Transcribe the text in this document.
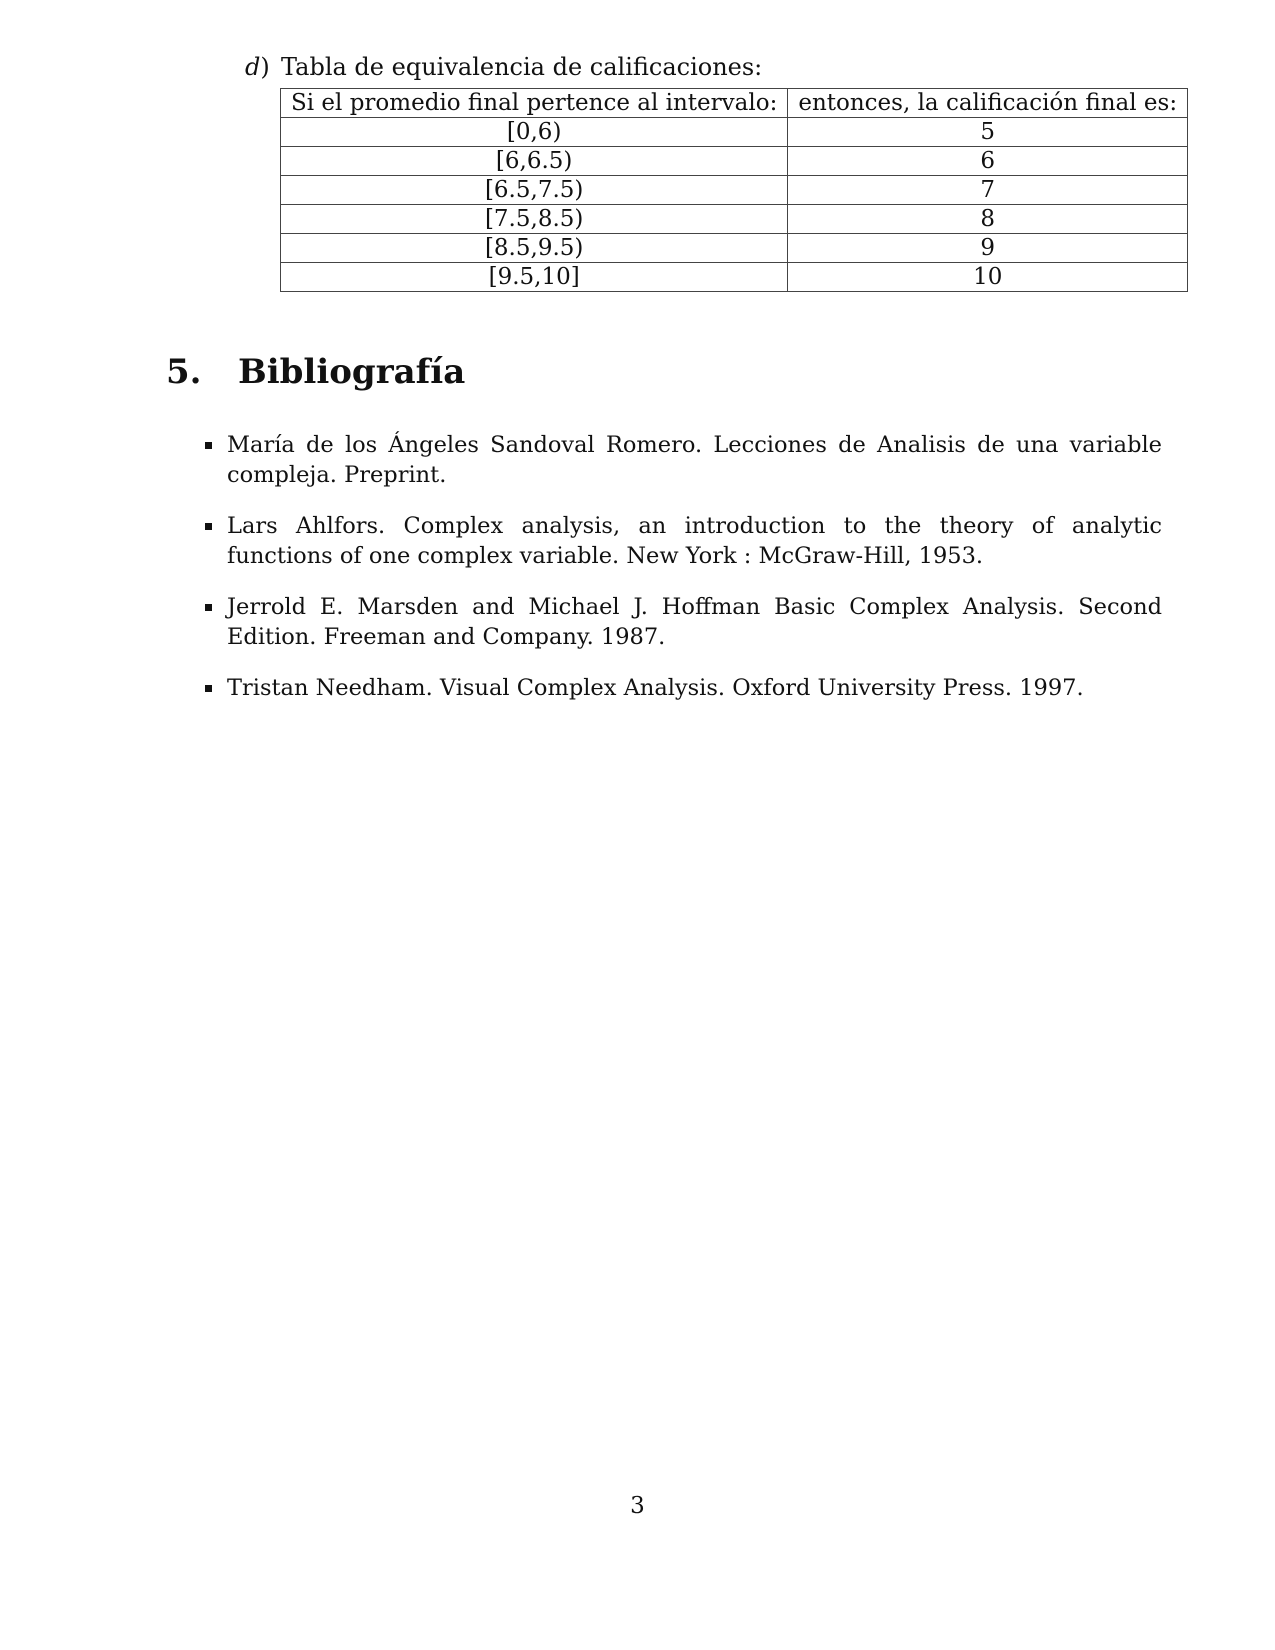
d) Tabla de equivalencia de calificaciones:
Si el promedio final pertence al intervalo:	entonces, la calificación final es:
[0,6)	5
[6,6.5)	6
[6.5,7.5)	7
[7.5,8.5)	8
[8.5,9.5)	9
[9.5,10]	10
5. Bibliografía
María de los Ángeles Sandoval Romero. Lecciones de Analisis de una variable compleja. Preprint.
Lars Ahlfors. Complex analysis, an introduction to the theory of analytic functions of one complex variable. New York : McGraw-Hill, 1953.
Jerrold E. Marsden and Michael J. Hoffman Basic Complex Analysis. Second Edition. Freeman and Company. 1987.
Tristan Needham. Visual Complex Analysis. Oxford University Press. 1997.
3
